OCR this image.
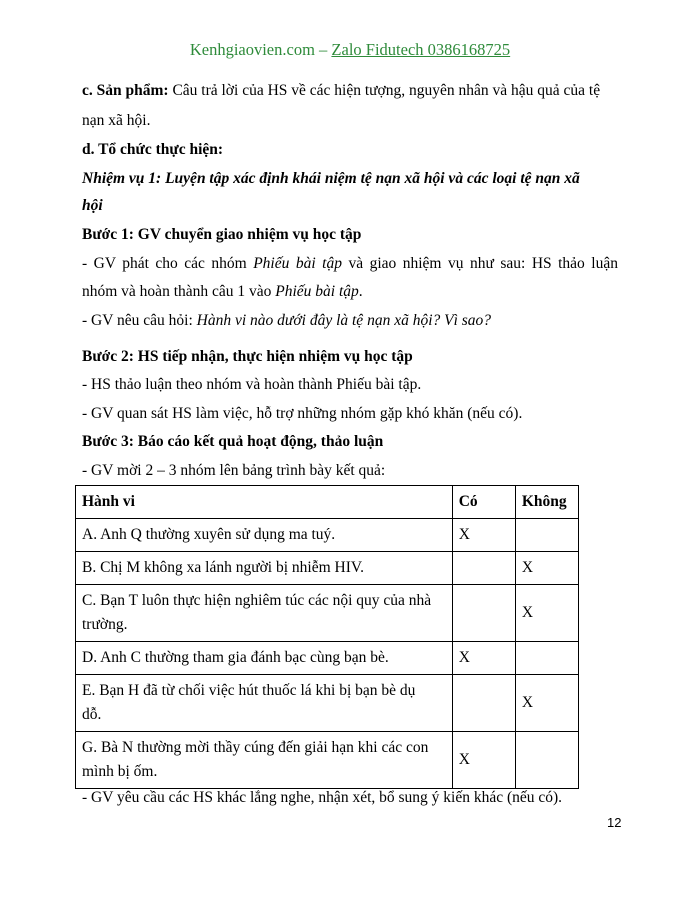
Kenhgiaovien.com – Zalo Fidutech 0386168725
c. Sản phẩm: Câu trả lời của HS về các hiện tượng, nguyên nhân và hậu quả của tệ
nạn xã hội.
d. Tổ chức thực hiện:
Nhiệm vụ 1: Luyện tập xác định khái niệm tệ nạn xã hội và các loại tệ nạn xã
hội
Bước 1: GV chuyển giao nhiệm vụ học tập
- GV phát cho các nhóm Phiếu bài tập và giao nhiệm vụ như sau: HS thảo luận
nhóm và hoàn thành câu 1 vào Phiếu bài tập.
- GV nêu câu hỏi: Hành vi nào dưới đây là tệ nạn xã hội? Vì sao?
Bước 2: HS tiếp nhận, thực hiện nhiệm vụ học tập
- HS thảo luận theo nhóm và hoàn thành Phiếu bài tập.
- GV quan sát HS làm việc, hỗ trợ những nhóm gặp khó khăn (nếu có).
Bước 3: Báo cáo kết quả hoạt động, thảo luận
- GV mời 2 – 3 nhóm lên bảng trình bày kết quả:
Hành vi	Có	Không
A. Anh Q thường xuyên sử dụng ma tuý.	X	
B. Chị M không xa lánh người bị nhiễm HIV.		X
C. Bạn T luôn thực hiện nghiêm túc các nội quy của nhà
trường.		X
D. Anh C thường tham gia đánh bạc cùng bạn bè.	X	
E. Bạn H đã từ chối việc hút thuốc lá khi bị bạn bè dụ
dỗ.		X
G. Bà N thường mời thầy cúng đến giải hạn khi các con
mình bị ốm.	X	
- GV yêu cầu các HS khác lắng nghe, nhận xét, bổ sung ý kiến khác (nếu có).
12
